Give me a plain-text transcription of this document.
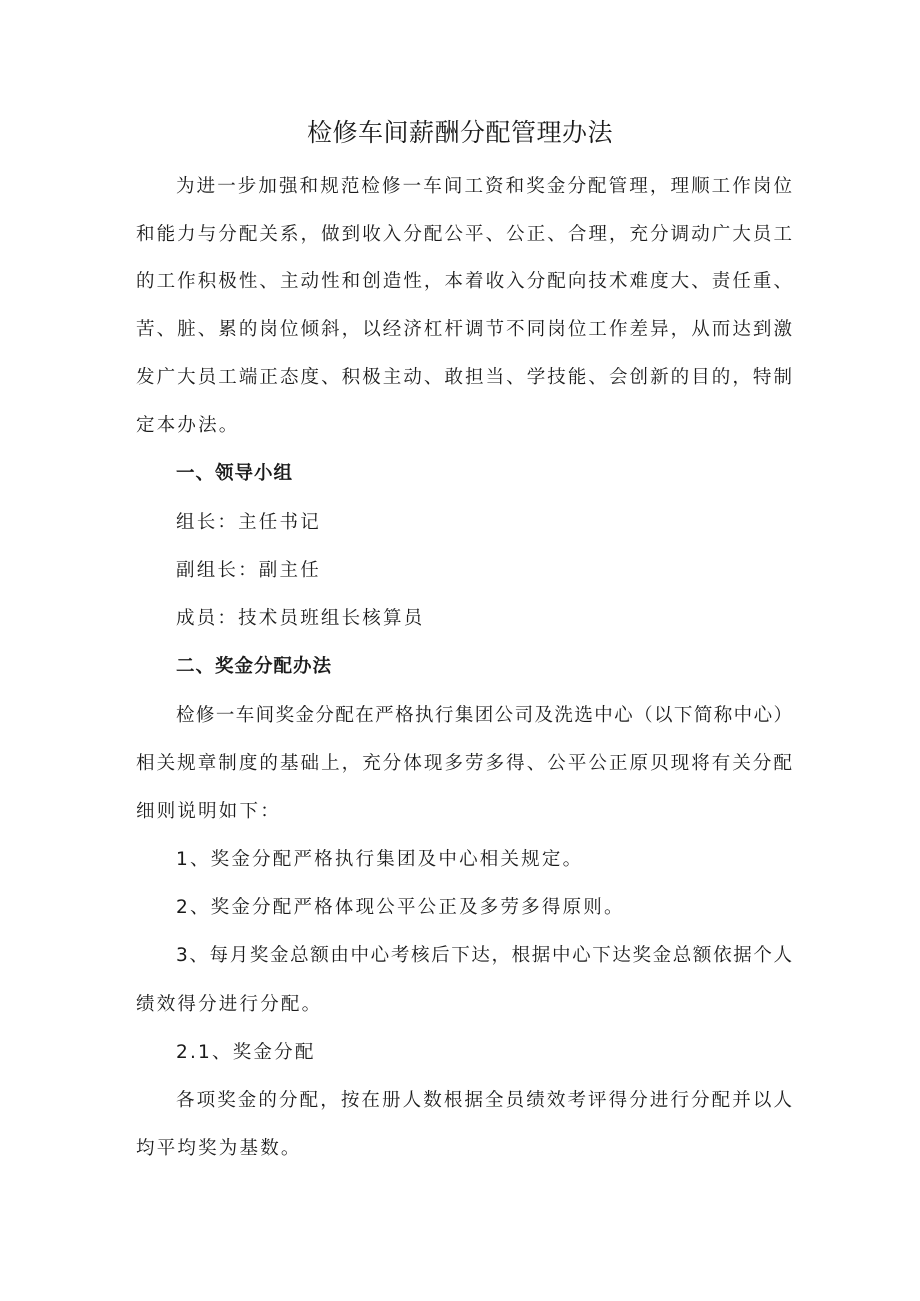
检修车间薪酬分配管理办法

为进一步加强和规范检修一车间工资和奖金分配管理，理顺工作岗位

和能力与分配关系，做到收入分配公平、公正、合理，充分调动广大员工

的工作积极性、主动性和创造性，本着收入分配向技术难度大、责任重、

苦、脏、累的岗位倾斜，以经济杠杆调节不同岗位工作差异，从而达到激

发广大员工端正态度、积极主动、敢担当、学技能、会创新的目的，特制

定本办法。

一、领导小组

组长：主任书记

副组长：副主任

成员：技术员班组长核算员

二、奖金分配办法

检修一车间奖金分配在严格执行集团公司及洗选中心（以下简称中心）

相关规章制度的基础上，充分体现多劳多得、公平公正原贝现将有关分配

细则说明如下：

1、奖金分配严格执行集团及中心相关规定。

2、奖金分配严格体现公平公正及多劳多得原则。

3、每月奖金总额由中心考核后下达，根据中心下达奖金总额依据个人

绩效得分进行分配。

2.1、奖金分配

各项奖金的分配，按在册人数根据全员绩效考评得分进行分配并以人

均平均奖为基数。
